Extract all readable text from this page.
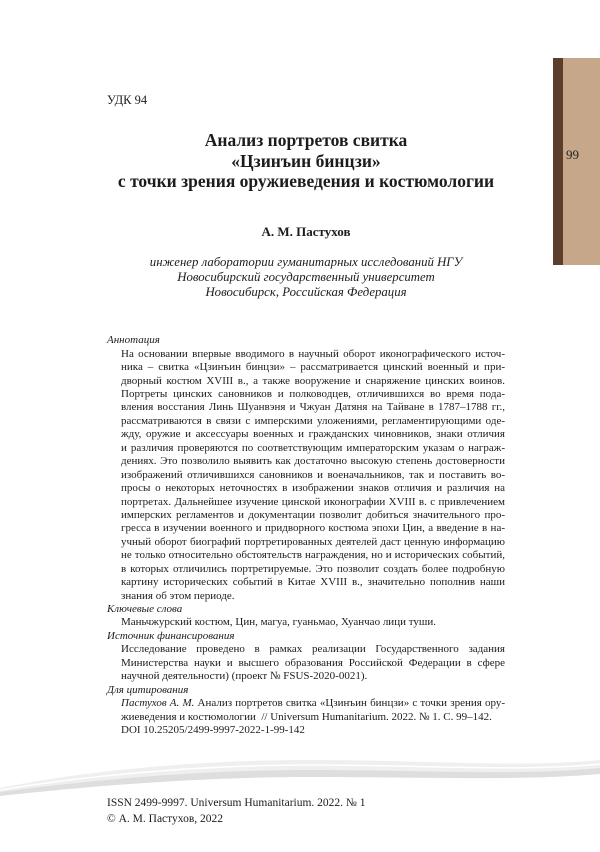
УДК 94
99
Анализ портретов свитка
«Цзинъин бинцзи»
с точки зрения оружиеведения и костюмологии
А. М. Пастухов
инженер лаборатории гуманитарных исследований НГУ
Новосибирский государственный университет
Новосибирск, Российская Федерация
Аннотация
На основании впервые вводимого в научный оборот иконографического источ-
ника – свитка «Цзинъин бинцзи» – рассматривается цинский военный и при-
дворный костюм XVIII в., а также вооружение и снаряжение цинских воинов.
Портреты цинских сановников и полководцев, отличившихся во время пода-
вления восстания Линь Шуанвэня и Чжуан Датяня на Тайване в 1787–1788 гг.,
рассматриваются в связи с имперскими уложениями, регламентирующими оде-
жду, оружие и аксессуары военных и гражданских чиновников, знаки отличия
и различия проверяются по соответствующим императорским указам о награж-
дениях. Это позволило выявить как достаточно высокую степень достоверности
изображений отличившихся сановников и военачальников, так и поставить во-
просы о некоторых неточностях в изображении знаков отличия и различия на
портретах. Дальнейшее изучение цинской иконографии XVIII в. с привлечением
имперских регламентов и документации позволит добиться значительного про-
гресса в изучении военного и придворного костюма эпохи Цин, а введение в на-
учный оборот биографий портретированных деятелей даст ценную информацию
не только относительно обстоятельств награждения, но и исторических событий,
в которых отличились портретируемые. Это позволит создать более подробную
картину исторических событий в Китае XVIII в., значительно пополнив наши
знания об этом периоде.
Ключевые слова
Маньчжурский костюм, Цин, магуа, гуаньмао, Хуанчао лици туши.
Источник финансирования
Исследование проведено в рамках реализации Государственного задания
Министерства науки и высшего образования Российской Федерации в сфере
научной деятельности) (проект № FSUS-2020-0021).
Для цитирования
Пастухов А. М. Анализ портретов свитка «Цзинъин бинцзи» с точки зрения ору-
жиеведения и костюмологии  // Universum Humanitarium. 2022. № 1. С. 99–142.
DOI 10.25205/2499-9997-2022-1-99-142
ISSN 2499-9997. Universum Humanitarium. 2022. № 1
© А. М. Пастухов, 2022
